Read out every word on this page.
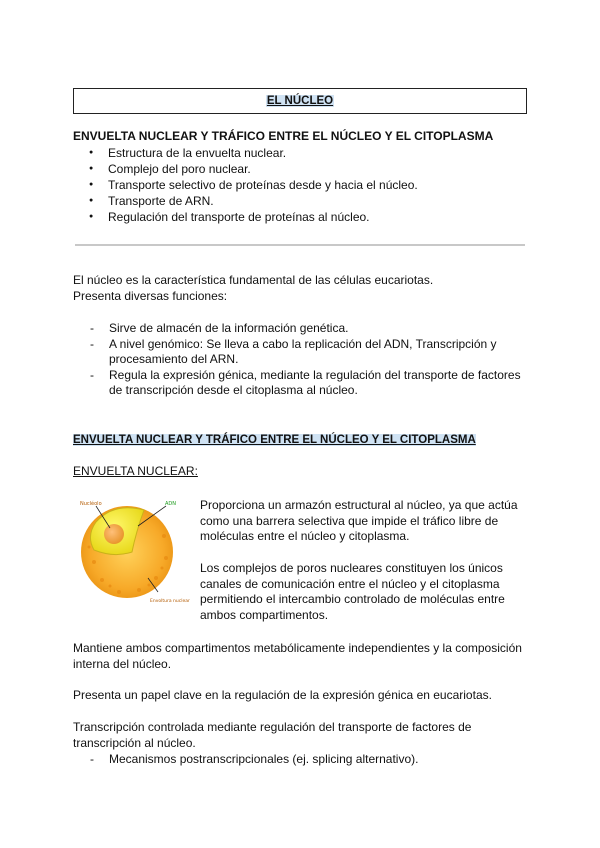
EL NÚCLEO
ENVUELTA NUCLEAR Y TRÁFICO ENTRE EL NÚCLEO Y EL CITOPLASMA
● Estructura de la envuelta nuclear.
● Complejo del poro nuclear.
● Transporte selectivo de proteínas desde y hacia el núcleo.
● Transporte de ARN.
● Regulación del transporte de proteínas al núcleo.
El núcleo es la característica fundamental de las células eucariotas.
Presenta diversas funciones:
- Sirve de almacén de la información genética.
- A nivel genómico: Se lleva a cabo la replicación del ADN, Transcripción y procesamiento del ARN.
- Regula la expresión génica, mediante la regulación del transporte de factores de transcripción desde el citoplasma al núcleo.
ENVUELTA NUCLEAR Y TRÁFICO ENTRE EL NÚCLEO Y EL CITOPLASMA
ENVUELTA NUCLEAR:
Nucléolo	ADN
Envoltura nuclear
Proporciona un armazón estructural al núcleo, ya que actúa como una barrera selectiva que impide el tráfico libre de moléculas entre el núcleo y citoplasma.
Los complejos de poros nucleares constituyen los únicos canales de comunicación entre el núcleo y el citoplasma permitiendo el intercambio controlado de moléculas entre ambos compartimentos.
Mantiene ambos compartimentos metabólicamente independientes y la composición interna del núcleo.
Presenta un papel clave en la regulación de la expresión génica en eucariotas.
Transcripción controlada mediante regulación del transporte de factores de transcripción al núcleo.
- Mecanismos postranscripcionales (ej. splicing alternativo).
